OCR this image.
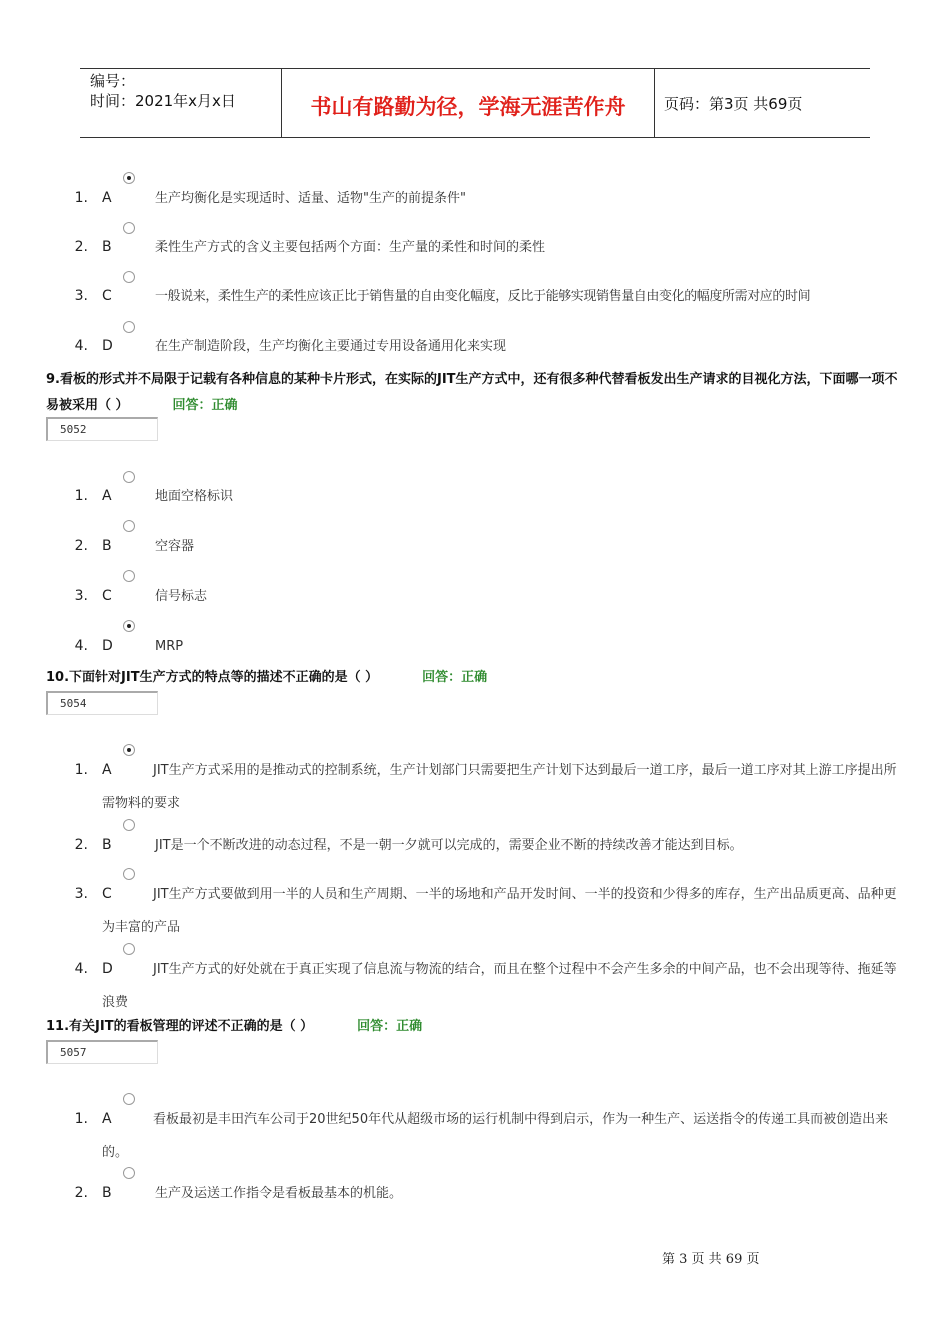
编号：
时间：2021年x月x日	书山有路勤为径，学海无涯苦作舟	页码：第3页 共69页
1. A	生产均衡化是实现适时、适量、适物"生产的前提条件"
2. B	柔性生产方式的含义主要包括两个方面：生产量的柔性和时间的柔性
3. C	一般说来，柔性生产的柔性应该正比于销售量的自由变化幅度，反比于能够实现销售量自由变化的幅度所需对应的时间
4. D	在生产制造阶段，生产均衡化主要通过专用设备通用化来实现
9.看板的形式并不局限于记载有各种信息的某种卡片形式，在实际的JIT生产方式中，还有很多种代替看板发出生产请求的目视化方法，下面哪一项不易被采用（ ）	回答：正确
5052
1. A	地面空格标识
2. B	空容器
3. C	信号标志
4. D	MRP
10.下面针对JIT生产方式的特点等的描述不正确的是（ ）	回答：正确
5054
1. A	JIT生产方式采用的是推动式的控制系统，生产计划部门只需要把生产计划下达到最后一道工序，最后一道工序对其上游工序提出所需物料的要求
2. B	JIT是一个不断改进的动态过程，不是一朝一夕就可以完成的，需要企业不断的持续改善才能达到目标。
3. C	JIT生产方式要做到用一半的人员和生产周期、一半的场地和产品开发时间、一半的投资和少得多的库存，生产出品质更高、品种更为丰富的产品
4. D	JIT生产方式的好处就在于真正实现了信息流与物流的结合，而且在整个过程中不会产生多余的中间产品，也不会出现等待、拖延等浪费
11.有关JIT的看板管理的评述不正确的是（ ）	回答：正确
5057
1. A	看板最初是丰田汽车公司于20世纪50年代从超级市场的运行机制中得到启示，作为一种生产、运送指令的传递工具而被创造出来的。
2. B	生产及运送工作指令是看板最基本的机能。
第 3 页 共 69 页
